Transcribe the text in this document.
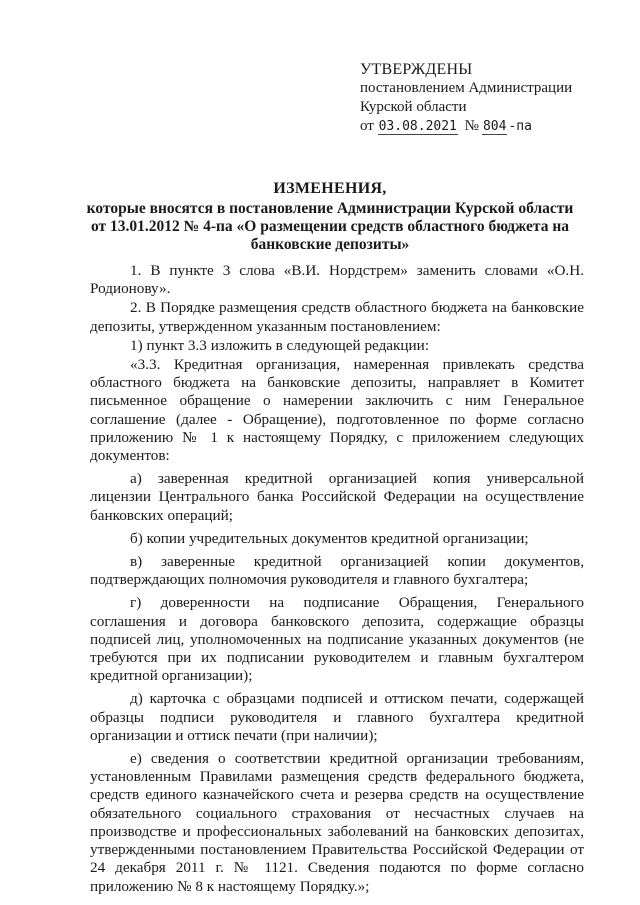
УТВЕРЖДЕНЫ
постановлением Администрации
Курской области
от 03.08.2021 № 804 -па
ИЗМЕНЕНИЯ,
которые вносятся в постановление Администрации Курской области
от 13.01.2012 № 4-па «О размещении средств областного бюджета на
банковские депозиты»

1. В пункте 3 слова «В.И. Нордстрем» заменить словами «О.Н. Родионову».

2. В Порядке размещения средств областного бюджета на банковские депозиты, утвержденном указанным постановлением:

1) пункт 3.3 изложить в следующей редакции:

«3.3. Кредитная организация, намеренная привлекать средства областного бюджета на банковские депозиты, направляет в Комитет письменное обращение о намерении заключить с ним Генеральное соглашение (далее - Обращение), подготовленное по форме согласно приложению № 1 к настоящему Порядку, с приложением следующих документов:

а) заверенная кредитной организацией копия универсальной лицензии Центрального банка Российской Федерации на осуществление банковских операций;

б) копии учредительных документов кредитной организации;

в) заверенные кредитной организацией копии документов, подтверждающих полномочия руководителя и главного бухгалтера;

г) доверенности на подписание Обращения, Генерального соглашения и договора банковского депозита, содержащие образцы подписей лиц, уполномоченных на подписание указанных документов (не требуются при их подписании руководителем и главным бухгалтером кредитной организации);

д) карточка с образцами подписей и оттиском печати, содержащей образцы подписи руководителя и главного бухгалтера кредитной организации и оттиск печати (при наличии);

е) сведения о соответствии кредитной организации требованиям, установленным Правилами размещения средств федерального бюджета, средств единого казначейского счета и резерва средств на осуществление обязательного социального страхования от несчастных случаев на производстве и профессиональных заболеваний на банковских депозитах, утвержденными постановлением Правительства Российской Федерации от 24 декабря 2011 г. № 1121. Сведения подаются по форме согласно приложению № 8 к настоящему Порядку.»;
